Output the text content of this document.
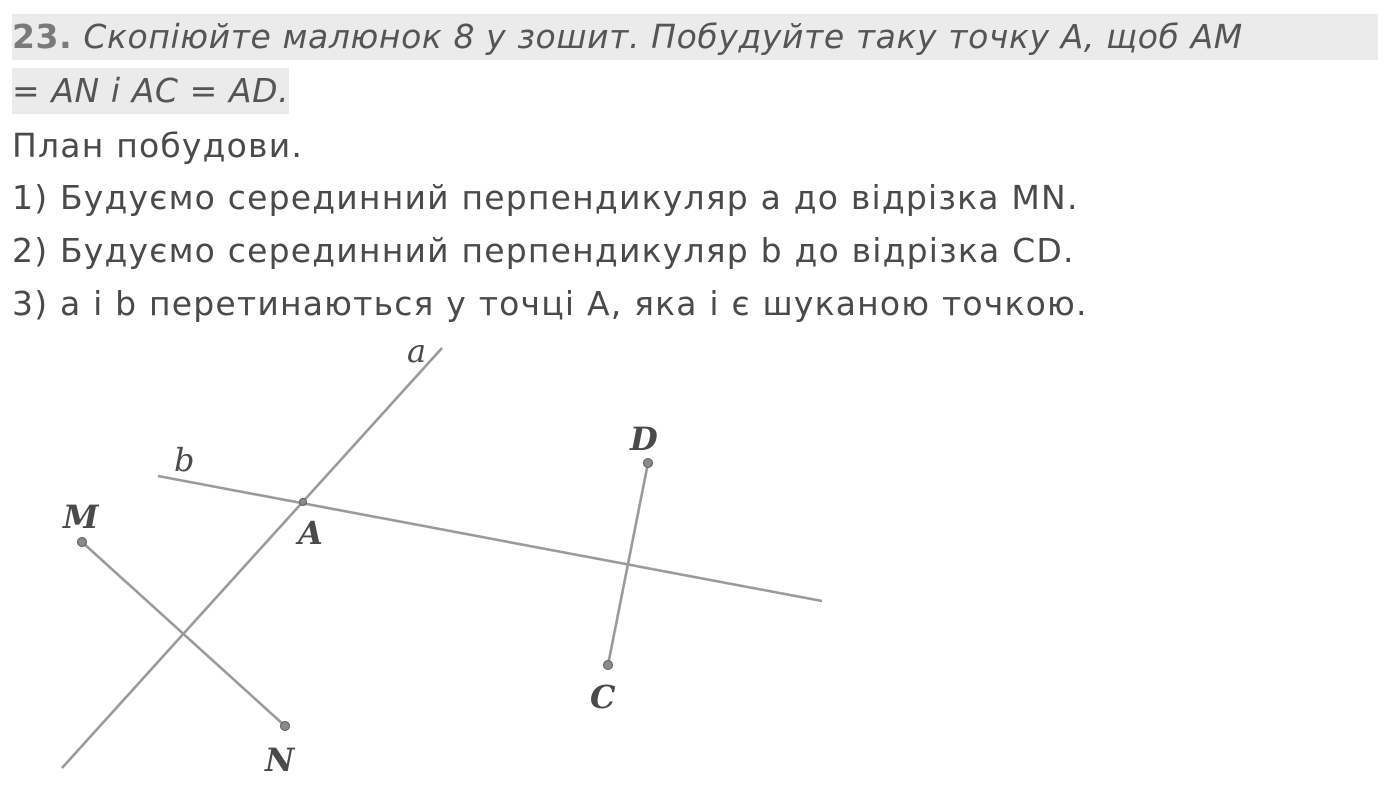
23. Скопіюйте малюнок 8 у зошит. Побудуйте таку точку А, щоб AM
= AN і AC = AD.
План побудови.
1) Будуємо серединний перпендикуляр а до відрізка MN.
2) Будуємо серединний перпендикуляр b до відрізка CD.
3) а і b перетинаються у точці А, яка і є шуканою точкою.
a
b
M
N
A
C
D
